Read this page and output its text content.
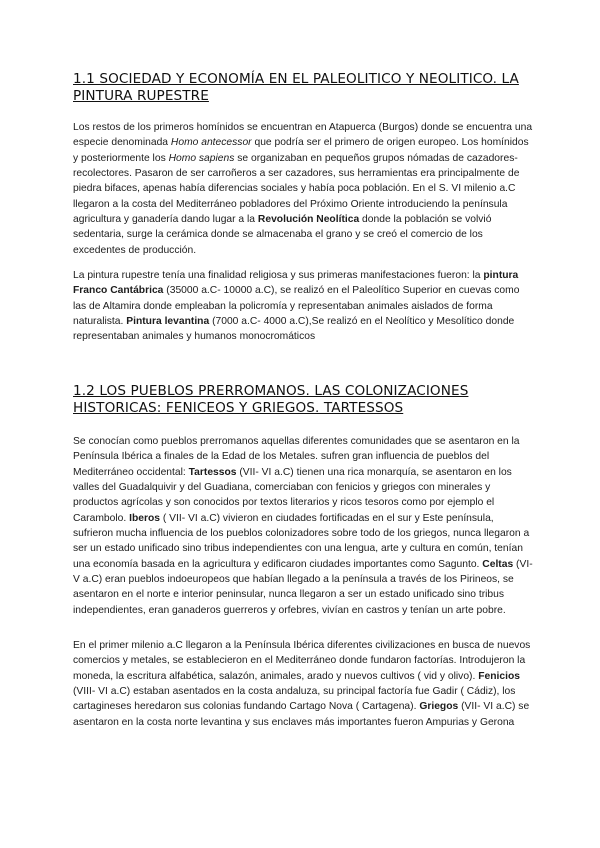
1.1 SOCIEDAD Y ECONOMÍA EN EL PALEOLITICO Y NEOLITICO. LA PINTURA RUPESTRE

Los restos de los primeros homínidos se encuentran en Atapuerca (Burgos) donde se encuentra una especie denominada Homo antecessor que podría ser el primero de origen europeo. Los homínidos y posteriormente los Homo sapiens se organizaban en pequeños grupos nómadas de cazadores- recolectores. Pasaron de ser carroñeros a ser cazadores, sus herramientas era principalmente de piedra bifaces, apenas había diferencias sociales y había poca población. En el S. VI milenio a.C llegaron a la costa del Mediterráneo pobladores del Próximo Oriente introduciendo la península agricultura y ganadería dando lugar a la Revolución Neolítica donde la población se volvió sedentaria, surge la cerámica donde se almacenaba el grano y se creó el comercio de los excedentes de producción.

La pintura rupestre tenía una finalidad religiosa y sus primeras manifestaciones fueron: la pintura Franco Cantábrica (35000 a.C- 10000 a.C), se realizó en el Paleolítico Superior en cuevas como las de Altamira donde empleaban la policromía y representaban animales aislados de forma naturalista. Pintura levantina (7000 a.C- 4000 a.C),Se realizó en el Neolítico y Mesolítico donde representaban animales y humanos monocromáticos

1.2 LOS PUEBLOS PRERROMANOS. LAS COLONIZACIONES HISTORICAS: FENICEOS Y GRIEGOS. TARTESSOS

Se conocían como pueblos prerromanos aquellas diferentes comunidades que se asentaron en la Península Ibérica a finales de la Edad de los Metales. sufren gran influencia de pueblos del Mediterráneo occidental: Tartessos (VII- VI a.C) tienen una rica monarquía, se asentaron en los valles del Guadalquivir y del Guadiana, comerciaban con fenicios y griegos con minerales y productos agrícolas y son conocidos por textos literarios y ricos tesoros como por ejemplo el Carambolo. Iberos ( VII- VI a.C) vivieron en ciudades fortificadas en el sur y Este península, sufrieron mucha influencia de los pueblos colonizadores sobre todo de los griegos, nunca llegaron a ser un estado unificado sino tribus independientes con una lengua, arte y cultura en común, tenían una economía basada en la agricultura y edificaron ciudades importantes como Sagunto. Celtas (VI- V a.C) eran pueblos indoeuropeos que habían llegado a la península a través de los Pirineos, se asentaron en el norte e interior peninsular, nunca llegaron a ser un estado unificado sino tribus independientes, eran ganaderos guerreros y orfebres, vivían en castros y tenían un arte pobre.

En el primer milenio a.C llegaron a la Península Ibérica diferentes civilizaciones en busca de nuevos comercios y metales, se establecieron en el Mediterráneo donde fundaron factorías. Introdujeron la moneda, la escritura alfabética, salazón, animales, arado y nuevos cultivos ( vid y olivo). Fenicios (VIII- VI a.C) estaban asentados en la costa andaluza, su principal factoría fue Gadir ( Cádiz), los cartagineses heredaron sus colonias fundando Cartago Nova ( Cartagena). Griegos (VII- VI a.C) se asentaron en la costa norte levantina y sus enclaves más importantes fueron Ampurias y Gerona
